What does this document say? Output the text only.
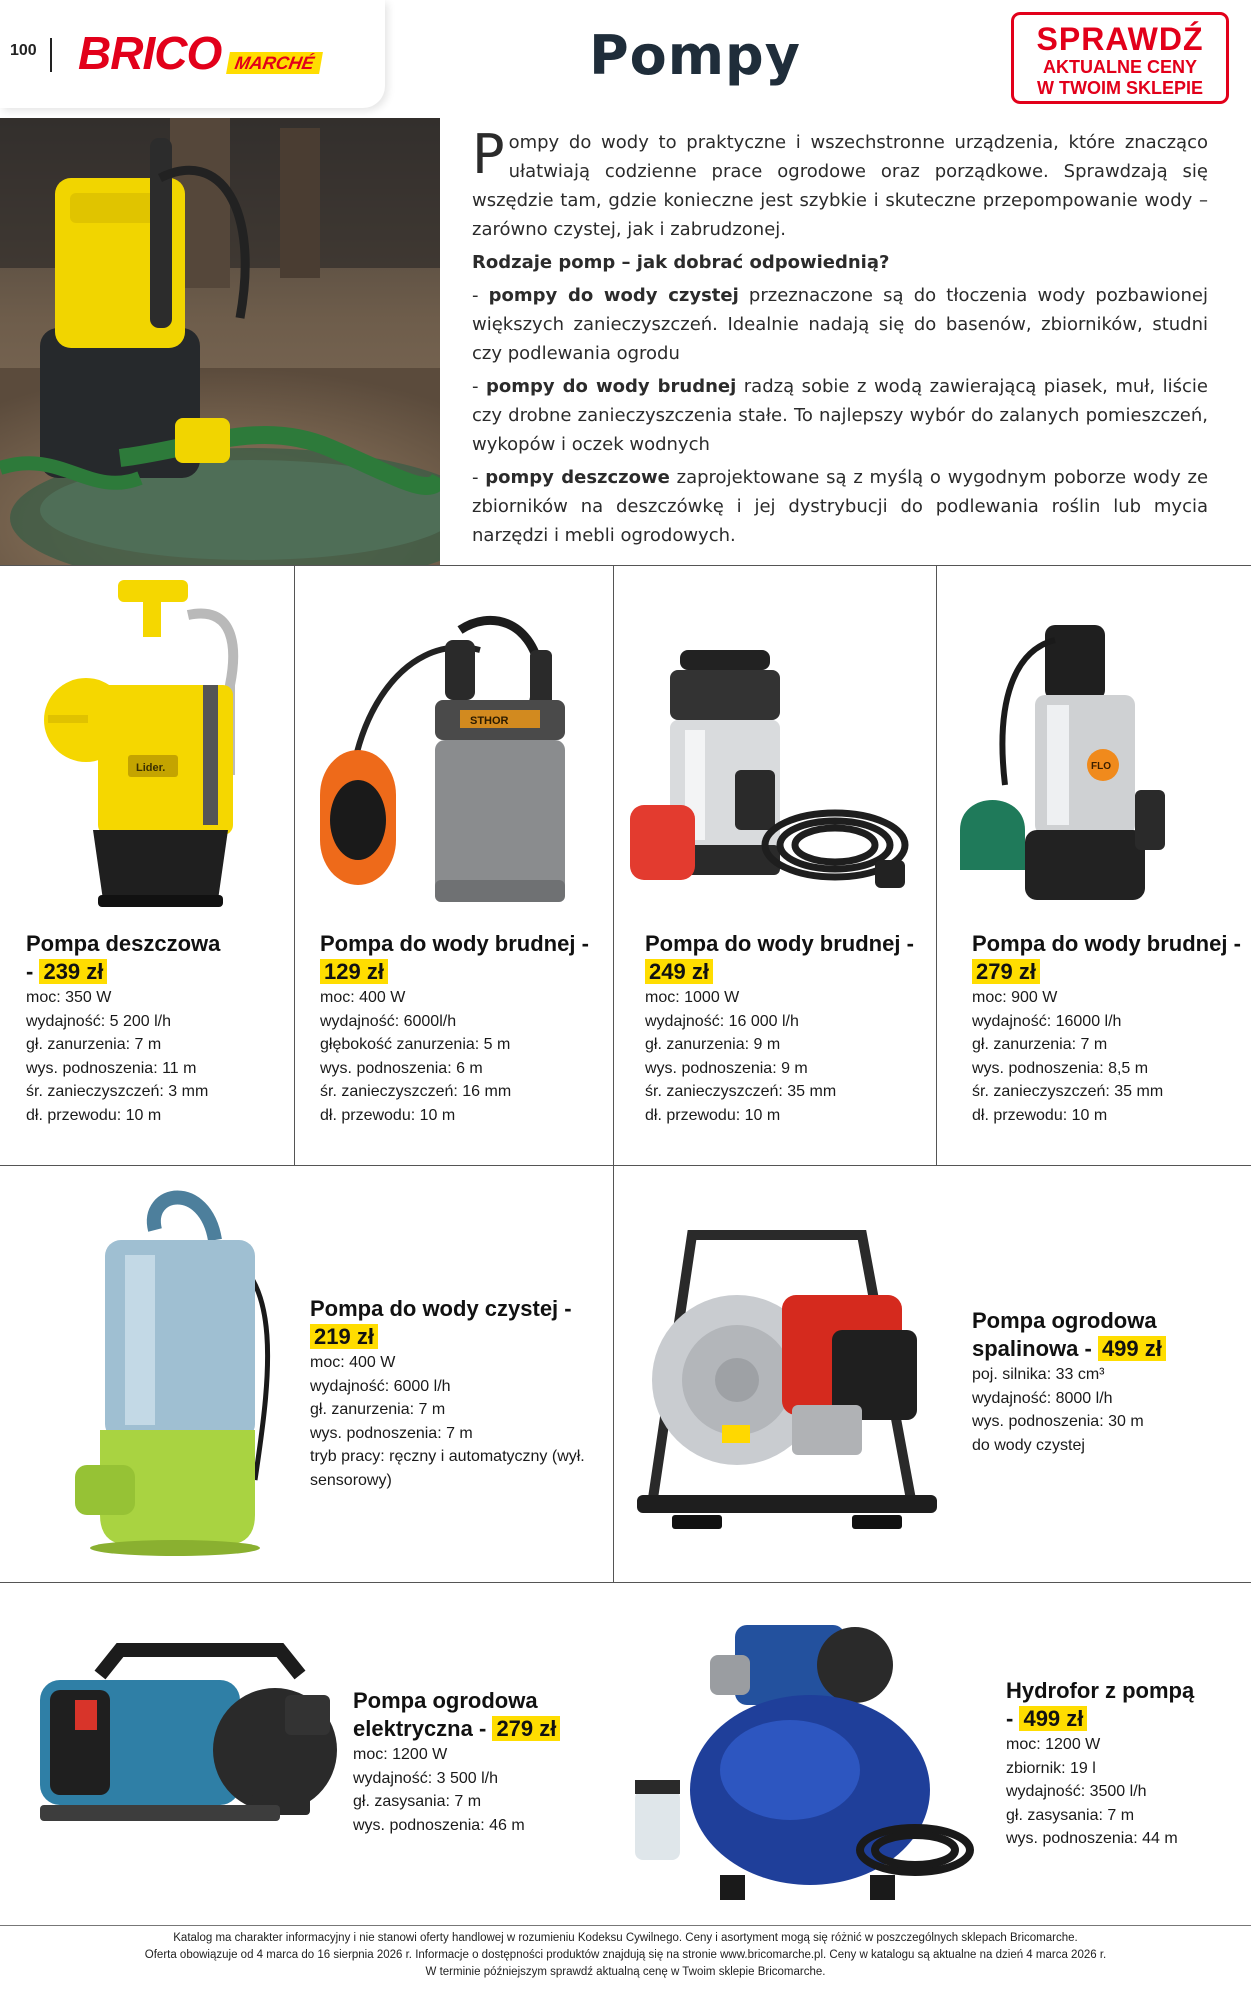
100 BRICO MARCHÉ	Pompy	SPRAWDŹ
AKTUALNE CENY
W TWOIM SKLEPIE

Pompy do wody to praktyczne i wszechstronne urządzenia, które znacząco ułatwiają codzienne prace ogrodowe oraz porządkowe. Sprawdzają się wszędzie tam, gdzie konieczne jest szybkie i skuteczne przepompowanie wody – zarówno czystej, jak i zabrudzonej.

Rodzaje pomp – jak dobrać odpowiednią?

- pompy do wody czystej przeznaczone są do tłoczenia wody pozbawionej większych zanieczyszczeń. Idealnie nadają się do basenów, zbiorników, studni czy podlewania ogrodu

- pompy do wody brudnej radzą sobie z wodą zawierającą piasek, muł, liście czy drobne zanieczyszczenia stałe. To najlepszy wybór do zalanych pomieszczeń, wykopów i oczek wodnych

- pompy deszczowe zaprojektowane są z myślą o wygodnym poborze wody ze zbiorników na deszczówkę i jej dystrybucji do podlewania roślin lub mycia narzędzi i mebli ogrodowych.

Lider.
Pompa deszczowa
- 239 zł
moc: 350 W
wydajność: 5 200 l/h
gł. zanurzenia: 7 m
wys. podnoszenia: 11 m
śr. zanieczyszczeń: 3 mm
dł. przewodu: 10 m
STHOR
Pompa do wody brudnej - 129 zł
moc: 400 W
wydajność: 6000l/h
głębokość zanurzenia: 5 m
wys. podnoszenia: 6 m
śr. zanieczyszczeń: 16 mm
dł. przewodu: 10 m
Pompa do wody brudnej - 249 zł
moc: 1000 W
wydajność: 16 000 l/h
gł. zanurzenia: 9 m
wys. podnoszenia: 9 m
śr. zanieczyszczeń: 35 mm
dł. przewodu: 10 m
FLO
Pompa do wody brudnej - 279 zł
moc: 900 W
wydajność: 16000 l/h
gł. zanurzenia: 7 m
wys. podnoszenia: 8,5 m
śr. zanieczyszczeń: 35 mm
dł. przewodu: 10 m
Pompa do wody czystej - 219 zł
moc: 400 W
wydajność: 6000 l/h
gł. zanurzenia: 7 m
wys. podnoszenia: 7 m
tryb pracy: ręczny i automatyczny (wył. sensorowy)
Pompa ogrodowa spalinowa - 499 zł
poj. silnika: 33 cm³
wydajność: 8000 l/h
wys. podnoszenia: 30 m
do wody czystej
Pompa ogrodowa elektryczna - 279 zł
moc: 1200 W
wydajność: 3 500 l/h
gł. zasysania: 7 m
wys. podnoszenia: 46 m
Hydrofor z pompą
- 499 zł
moc: 1200 W
zbiornik: 19 l
wydajność: 3500 l/h
gł. zasysania: 7 m
wys. podnoszenia: 44 m
Katalog ma charakter informacyjny i nie stanowi oferty handlowej w rozumieniu Kodeksu Cywilnego. Ceny i asortyment mogą się różnić w poszczególnych sklepach Bricomarche.
Oferta obowiązuje od 4 marca do 16 sierpnia 2026 r. Informacje o dostępności produktów znajdują się na stronie www.bricomarche.pl. Ceny w katalogu są aktualne na dzień 4 marca 2026 r.
W terminie późniejszym sprawdź aktualną cenę w Twoim sklepie Bricomarche.
